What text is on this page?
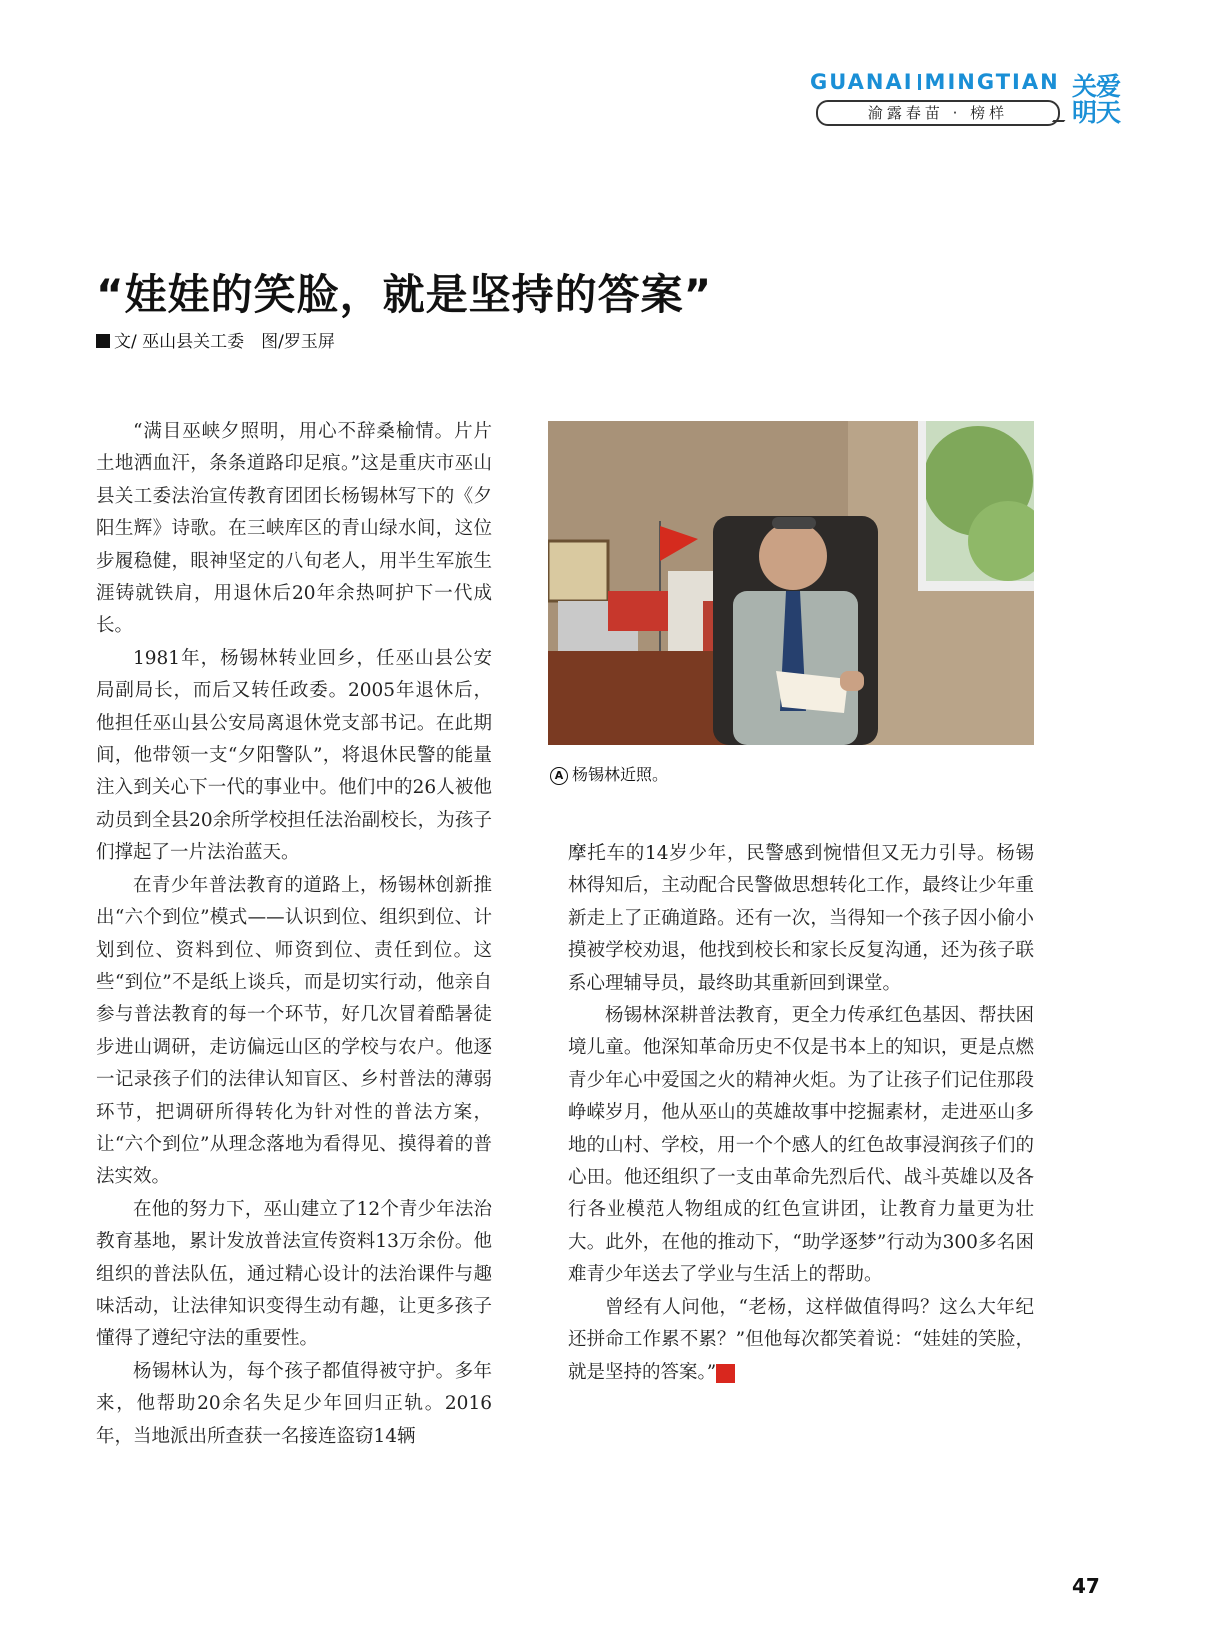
GUANAI MINGTIAN
渝露春苗 · 榜样
关爱
明天
“娃娃的笑脸，就是坚持的答案”
文/ 巫山县关工委　图/罗玉屏

“满目巫峡夕照明，用心不辞桑榆情。片片土地洒血汗，条条道路印足痕。”这是重庆市巫山县关工委法治宣传教育团团长杨锡林写下的《夕阳生辉》诗歌。在三峡库区的青山绿水间，这位步履稳健，眼神坚定的八旬老人，用半生军旅生涯铸就铁肩，用退休后20年余热呵护下一代成长。

1981年，杨锡林转业回乡，任巫山县公安局副局长，而后又转任政委。2005年退休后，他担任巫山县公安局离退休党支部书记。在此期间，他带领一支“夕阳警队”，将退休民警的能量注入到关心下一代的事业中。他们中的26人被他动员到全县20余所学校担任法治副校长，为孩子们撑起了一片法治蓝天。

在青少年普法教育的道路上，杨锡林创新推出“六个到位”模式——认识到位、组织到位、计划到位、资料到位、师资到位、责任到位。这些“到位”不是纸上谈兵，而是切实行动，他亲自参与普法教育的每一个环节，好几次冒着酷暑徒步进山调研，走访偏远山区的学校与农户。他逐一记录孩子们的法律认知盲区、乡村普法的薄弱环节，把调研所得转化为针对性的普法方案，让“六个到位”从理念落地为看得见、摸得着的普法实效。

在他的努力下，巫山建立了12个青少年法治教育基地，累计发放普法宣传资料13万余份。他组织的普法队伍，通过精心设计的法治课件与趣味活动，让法律知识变得生动有趣，让更多孩子懂得了遵纪守法的重要性。

杨锡林认为，每个孩子都值得被守护。多年来，他帮助20余名失足少年回归正轨。2016年，当地派出所查获一名接连盗窃14辆

A 杨锡林近照。

摩托车的14岁少年，民警感到惋惜但又无力引导。杨锡林得知后，主动配合民警做思想转化工作，最终让少年重新走上了正确道路。还有一次，当得知一个孩子因小偷小摸被学校劝退，他找到校长和家长反复沟通，还为孩子联系心理辅导员，最终助其重新回到课堂。

杨锡林深耕普法教育，更全力传承红色基因、帮扶困境儿童。他深知革命历史不仅是书本上的知识，更是点燃青少年心中爱国之火的精神火炬。为了让孩子们记住那段峥嵘岁月，他从巫山的英雄故事中挖掘素材，走进巫山多地的山村、学校，用一个个感人的红色故事浸润孩子们的心田。他还组织了一支由革命先烈后代、战斗英雄以及各行各业模范人物组成的红色宣讲团，让教育力量更为壮大。此外，在他的推动下，“助学逐梦”行动为300多名困难青少年送去了学业与生活上的帮助。

曾经有人问他，“老杨，这样做值得吗？这么大年纪还拼命工作累不累？”但他每次都笑着说：“娃娃的笑脸，就是坚持的答案。”	天

47
